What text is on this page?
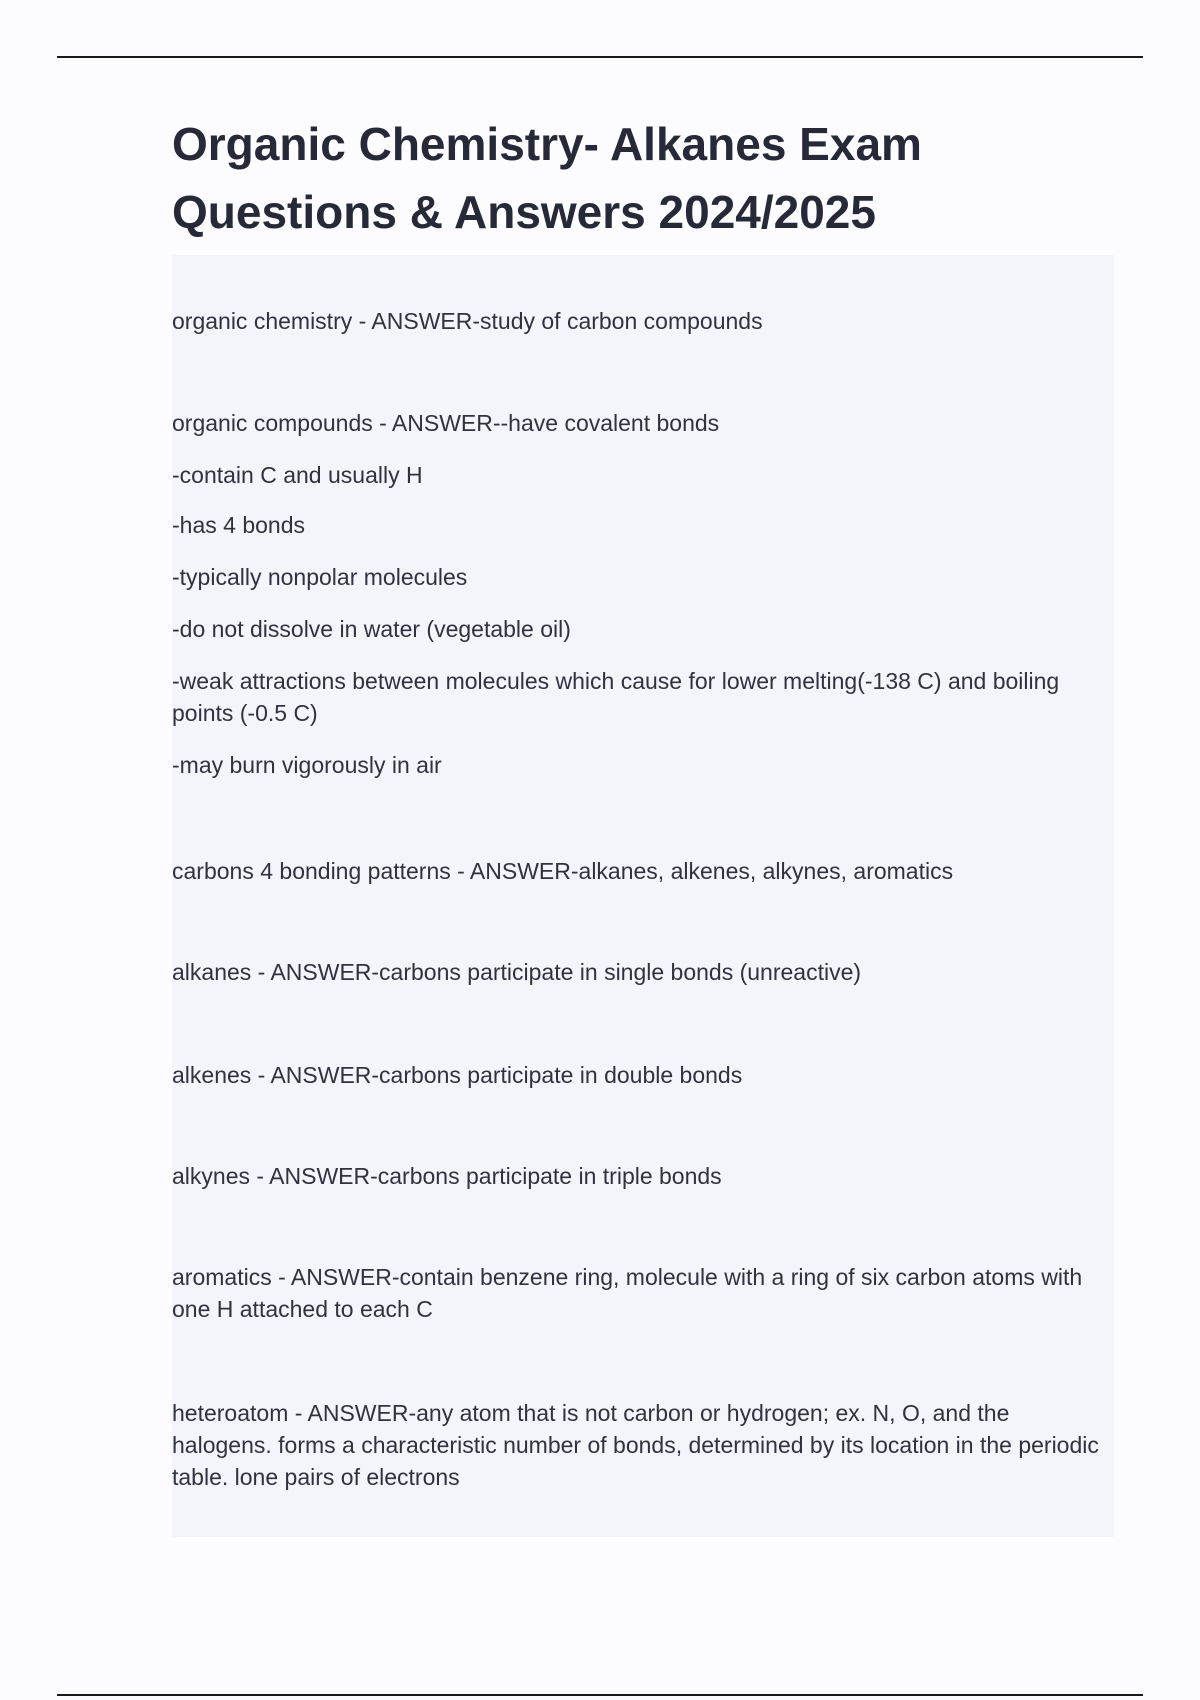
Organic Chemistry- Alkanes Exam
Questions & Answers 2024/2025

organic chemistry - ANSWER-study of carbon compounds

organic compounds - ANSWER--have covalent bonds

-contain C and usually H

-has 4 bonds

-typically nonpolar molecules

-do not dissolve in water (vegetable oil)

-weak attractions between molecules which cause for lower melting(-138 C) and boiling points (-0.5 C)

-may burn vigorously in air

carbons 4 bonding patterns - ANSWER-alkanes, alkenes, alkynes, aromatics

alkanes - ANSWER-carbons participate in single bonds (unreactive)

alkenes - ANSWER-carbons participate in double bonds

alkynes - ANSWER-carbons participate in triple bonds

aromatics - ANSWER-contain benzene ring, molecule with a ring of six carbon atoms with one H attached to each C

heteroatom - ANSWER-any atom that is not carbon or hydrogen; ex. N, O, and the halogens. forms a characteristic number of bonds, determined by its location in the periodic table. lone pairs of electrons
